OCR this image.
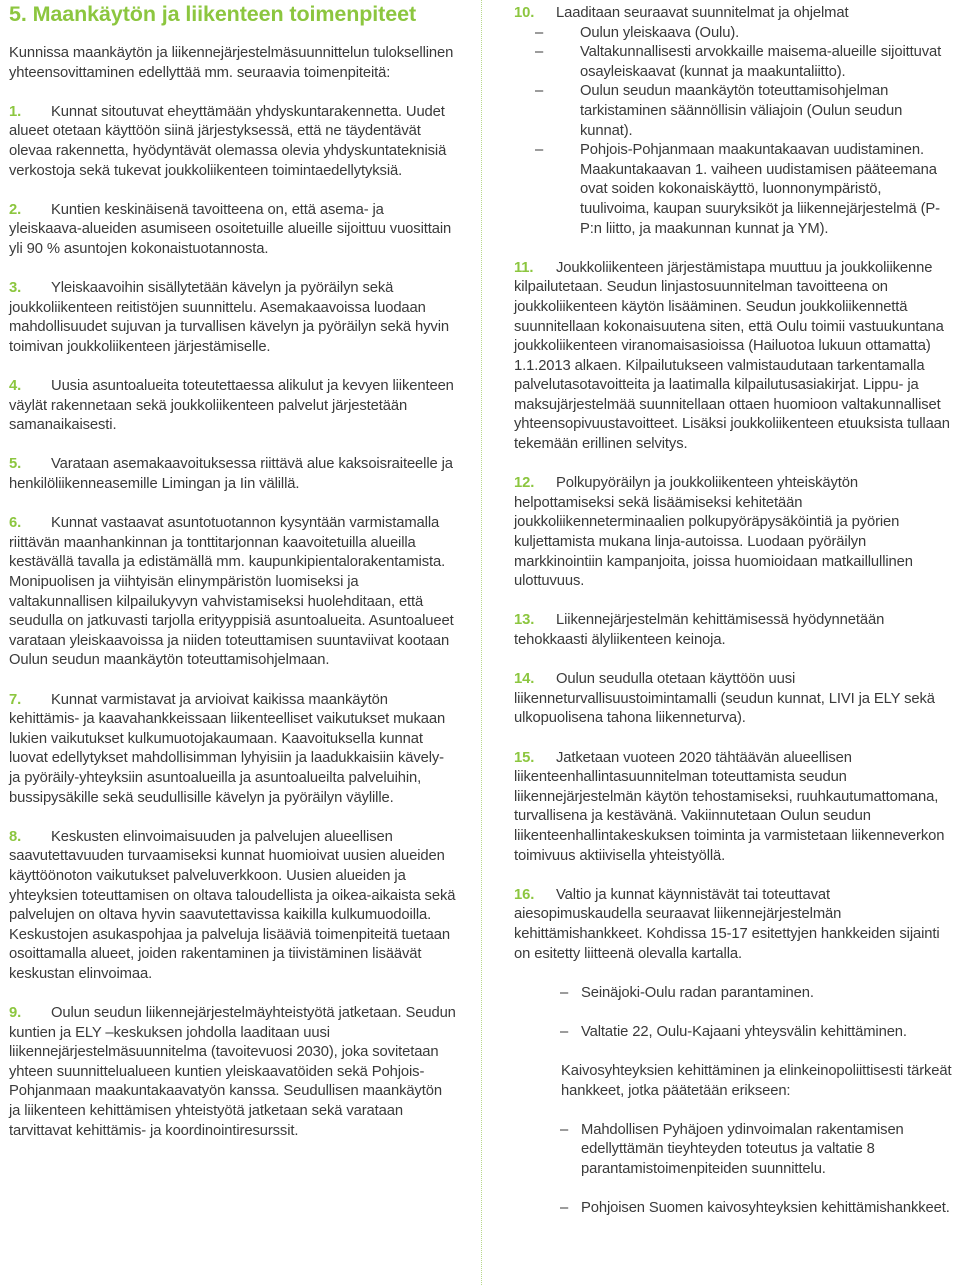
5. Maankäytön ja liikenteen toimenpiteet

Kunnissa maankäytön ja liikennejärjestelmäsuunnittelun tuloksellinen yhteensovittaminen edellyttää mm. seuraavia toimenpiteitä:

1. Kunnat sitoutuvat eheyttämään yhdyskuntarakennetta. Uudet alueet otetaan käyttöön siinä järjestyksessä, että ne täydentävät olevaa rakennetta, hyödyntävät olemassa olevia yhdyskuntateknisiä verkostoja sekä tukevat joukkoliikenteen toimintaedellytyksiä.

2. Kuntien keskinäisenä tavoitteena on, että asema- ja yleiskaava-alueiden asumiseen osoitetuille alueille sijoittuu vuosittain yli 90 % asuntojen kokonaistuotannosta.

3. Yleiskaavoihin sisällytetään kävelyn ja pyöräilyn sekä joukkoliikenteen reitistöjen suunnittelu. Asemakaavoissa luodaan mahdollisuudet sujuvan ja turvallisen kävelyn ja pyöräilyn sekä hyvin toimivan joukkoliikenteen järjestämiselle.

4. Uusia asuntoalueita toteutettaessa alikulut ja kevyen liikenteen väylät rakennetaan sekä joukkoliikenteen palvelut järjestetään samanaikaisesti.

5. Varataan asemakaavoituksessa riittävä alue kaksoisraiteelle ja henkilöliikenneasemille Limingan ja Iin välillä.

6. Kunnat vastaavat asuntotuotannon kysyntään varmistamalla riittävän maanhankinnan ja tonttitarjonnan kaavoitetuilla alueilla kestävällä tavalla ja edistämällä mm. kaupunkipientalorakentamista. Monipuolisen ja viihtyisän elinympäristön luomiseksi ja valtakunnallisen kilpailukyvyn vahvistamiseksi huolehditaan, että seudulla on jatkuvasti tarjolla erityyppisiä asuntoalueita. Asuntoalueet varataan yleiskaavoissa ja niiden toteuttamisen suuntaviivat kootaan Oulun seudun maankäytön toteuttamisohjelmaan.

7. Kunnat varmistavat ja arvioivat kaikissa maankäytön kehittämis- ja kaavahankkeissaan liikenteelliset vaikutukset mukaan lukien vaikutukset kulkumuotojakaumaan. Kaavoituksella kunnat luovat edellytykset mahdollisimman lyhyisiin ja laadukkaisiin kävely- ja pyöräily-yhteyksiin asuntoalueilla ja asuntoalueilta palveluihin, bussipysäkille sekä seudullisille kävelyn ja pyöräilyn väylille.

8. Keskusten elinvoimaisuuden ja palvelujen alueellisen saavutettavuuden turvaamiseksi kunnat huomioivat uusien alueiden käyttöönoton vaikutukset palveluverkkoon. Uusien alueiden ja yhteyksien toteuttamisen on oltava taloudellista ja oikea-aikaista sekä palvelujen on oltava hyvin saavutettavissa kaikilla kulkumuodoilla. Keskustojen asukaspohjaa ja palveluja lisääviä toimenpiteitä tuetaan osoittamalla alueet, joiden rakentaminen ja tiivistäminen lisäävät keskustan elinvoimaa.

9. Oulun seudun liikennejärjestelmäyhteistyötä jatketaan. Seudun kuntien ja ELY –keskuksen johdolla laaditaan uusi liikennejärjestelmäsuunnitelma (tavoitevuosi 2030), joka sovitetaan yhteen suunnittelualueen kuntien yleiskaavatöiden sekä Pohjois-Pohjanmaan maakuntakaavatyön kanssa. Seudullisen maankäytön ja liikenteen kehittämisen yhteistyötä jatketaan sekä varataan tarvittavat kehittämis- ja koordinointiresurssit.

10. Laaditaan seuraavat suunnitelmat ja ohjelmat

– Oulun yleiskaava (Oulu).
– Valtakunnallisesti arvokkaille maisema-alueille sijoittuvat osayleiskaavat (kunnat ja maakuntaliitto).
– Oulun seudun maankäytön toteuttamisohjelman tarkistaminen säännöllisin väliajoin (Oulun seudun kunnat).
– Pohjois-Pohjanmaan maakuntakaavan uudistaminen. Maakuntakaavan 1. vaiheen uudistamisen pääteemana ovat soiden kokonaiskäyttö, luonnonympäristö, tuulivoima, kaupan suuryksiköt ja liikennejärjestelmä (P-P:n liitto, ja maakunnan kunnat ja YM).

11. Joukkoliikenteen järjestämistapa muuttuu ja joukkoliikenne kilpailutetaan. Seudun linjastosuunnitelman tavoitteena on joukkoliikenteen käytön lisääminen. Seudun joukkoliikennettä suunnitellaan kokonaisuutena siten, että Oulu toimii vastuukuntana joukkoliikenteen viranomaisasioissa (Hailuotoa lukuun ottamatta) 1.1.2013 alkaen. Kilpailutukseen valmistaudutaan tarkentamalla palvelutasotavoitteita ja laatimalla kilpailutusasiakirjat. Lippu- ja maksujärjestelmää suunnitellaan ottaen huomioon valtakunnalliset yhteensopivuustavoitteet. Lisäksi joukkoliikenteen etuuksista tullaan tekemään erillinen selvitys.

12. Polkupyöräilyn ja joukkoliikenteen yhteiskäytön helpottamiseksi sekä lisäämiseksi kehitetään joukkoliikenneterminaalien polkupyöräpysäköintiä ja pyörien kuljettamista mukana linja-autoissa. Luodaan pyöräilyn markkinointiin kampanjoita, joissa huomioidaan matkaillullinen ulottuvuus.

13. Liikennejärjestelmän kehittämisessä hyödynnetään tehokkaasti älyliikenteen keinoja.

14. Oulun seudulla otetaan käyttöön uusi liikenneturvallisuustoimintamalli (seudun kunnat, LIVI ja ELY sekä ulkopuolisena tahona liikenneturva).

15. Jatketaan vuoteen 2020 tähtäävän alueellisen liikenteenhallintasuunnitelman toteuttamista seudun liikennejärjestelmän käytön tehostamiseksi, ruuhkautumattomana, turvallisena ja kestävänä. Vakiinnutetaan Oulun seudun liikenteenhallintakeskuksen toiminta ja varmistetaan liikenneverkon toimivuus aktiivisella yhteistyöllä.

16. Valtio ja kunnat käynnistävät tai toteuttavat aiesopimuskaudella seuraavat liikennejärjestelmän kehittämishankkeet. Kohdissa 15-17 esitettyjen hankkeiden sijainti on esitetty liitteenä olevalla kartalla.

– Seinäjoki-Oulu radan parantaminen.
– Valtatie 22, Oulu-Kajaani yhteysvälin kehittäminen.

Kaivosyhteyksien kehittäminen ja elinkeinopoliittisesti tärkeät hankkeet, jotka päätetään erikseen:

– Mahdollisen Pyhäjoen ydinvoimalan rakentamisen edellyttämän tieyhteyden toteutus ja valtatie 8 parantamistoimenpiteiden suunnittelu.
– Pohjoisen Suomen kaivosyhteyksien kehittämishankkeet.
